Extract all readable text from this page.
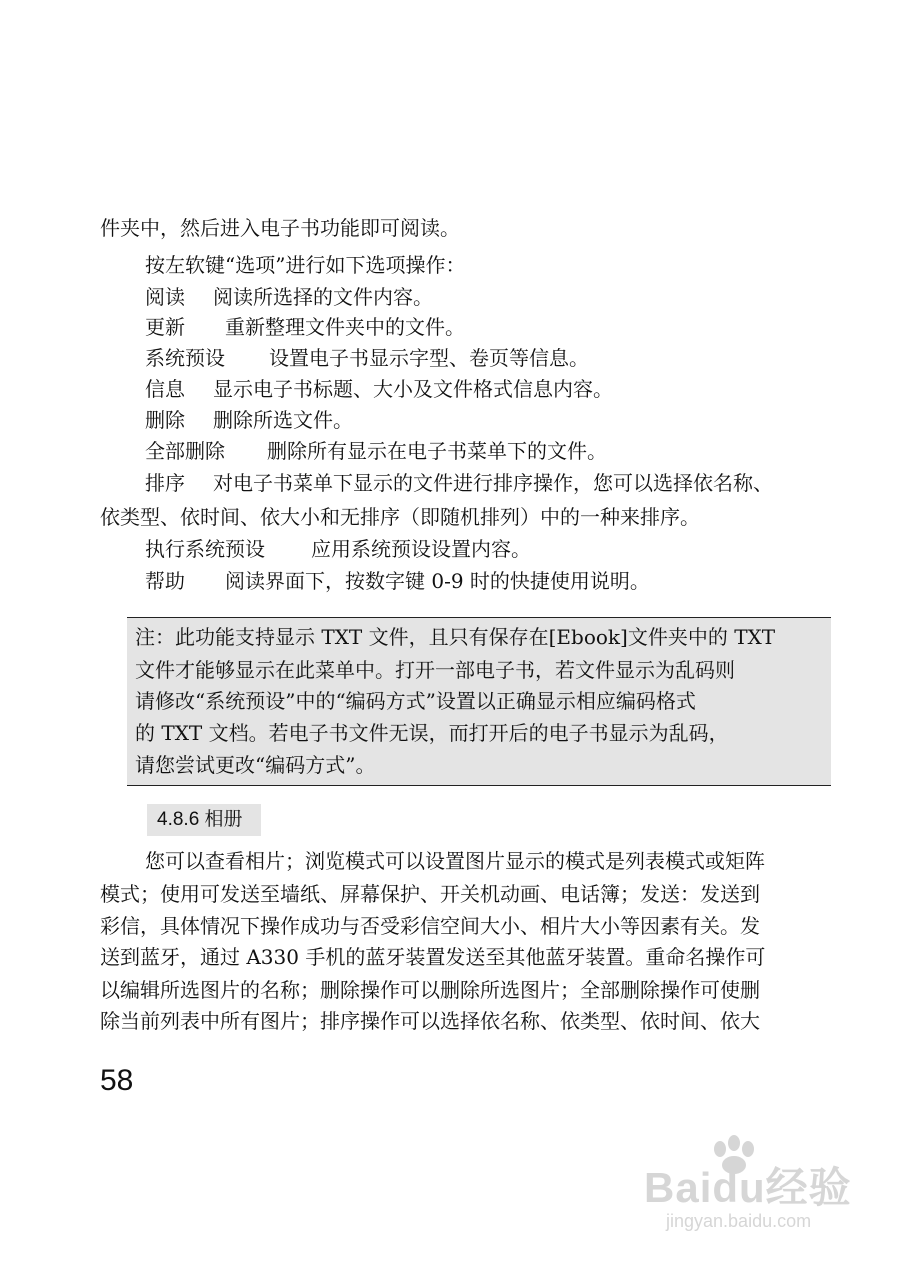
件夹中，然后进入电子书功能即可阅读。
按左软键“选项”进行如下选项操作：
阅读 阅读所选择的文件内容。
更新 重新整理文件夹中的文件。
系统预设 设置电子书显示字型、卷页等信息。
信息 显示电子书标题、大小及文件格式信息内容。
删除 删除所选文件。
全部删除 删除所有显示在电子书菜单下的文件。
排序 对电子书菜单下显示的文件进行排序操作，您可以选择依名称、
依类型、依时间、依大小和无排序（即随机排列）中的一种来排序。
执行系统预设 应用系统预设设置内容。
帮助 阅读界面下，按数字键 0-9 时的快捷使用说明。
注：此功能支持显示 TXT 文件，且只有保存在[Ebook]文件夹中的 TXT
文件才能够显示在此菜单中。打开一部电子书，若文件显示为乱码则
请修改“系统预设”中的“编码方式”设置以正确显示相应编码格式
的 TXT 文档。若电子书文件无误，而打开后的电子书显示为乱码，
请您尝试更改“编码方式”。
4.8.6 相册
您可以查看相片；浏览模式可以设置图片显示的模式是列表模式或矩阵
模式；使用可发送至墙纸、屏幕保护、开关机动画、电话簿；发送：发送到
彩信，具体情况下操作成功与否受彩信空间大小、相片大小等因素有关。发
送到蓝牙，通过 A330 手机的蓝牙装置发送至其他蓝牙装置。重命名操作可
以编辑所选图片的名称；删除操作可以删除所选图片；全部删除操作可使删
除当前列表中所有图片；排序操作可以选择依名称、依类型、依时间、依大
58
Baidu经验
jingyan.baidu.com
